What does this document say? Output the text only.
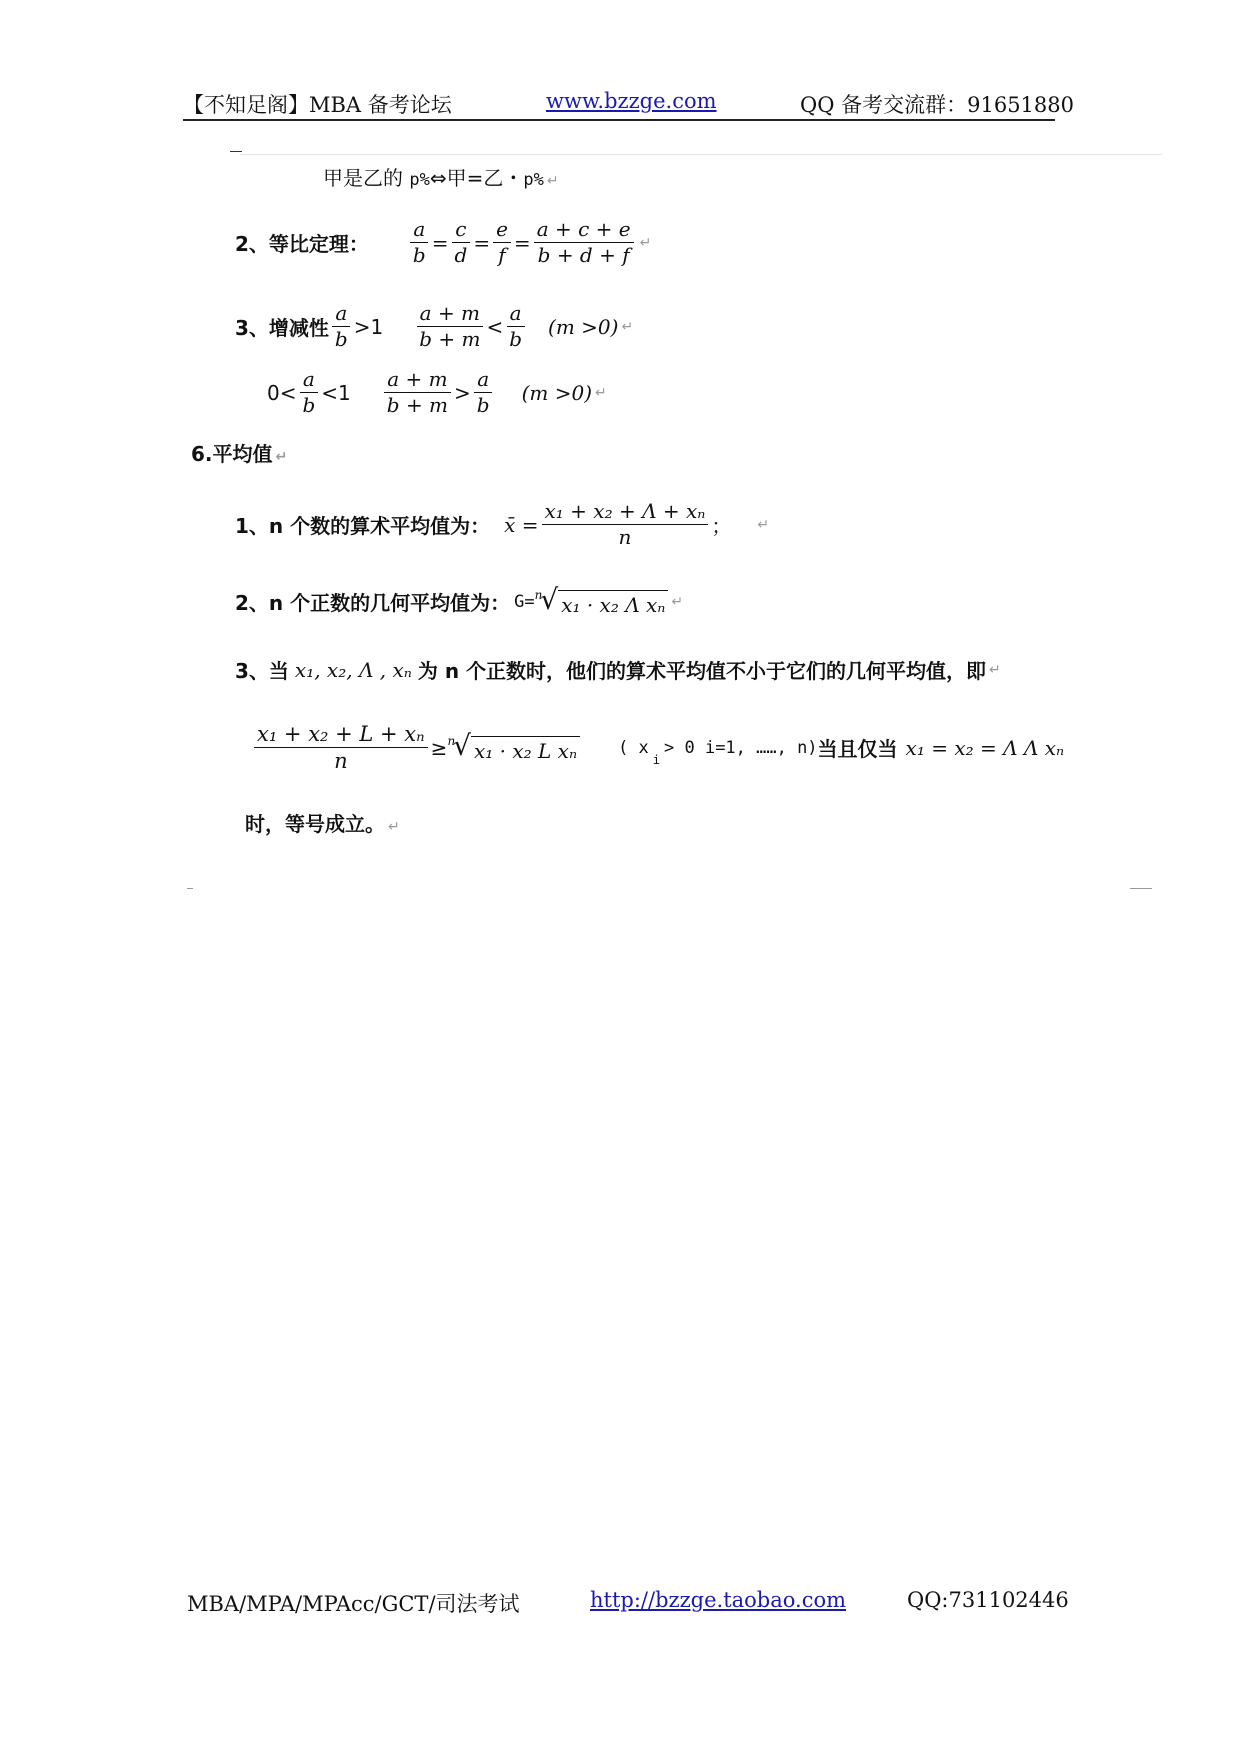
【不知足阁】MBA 备考论坛	www.bzzge.com	QQ 备考交流群：91651880
甲是乙的 p%⇔甲=乙・p% ↵
2、等比定理： $\frac{a}{b} = \frac{c}{d} = \frac{e}{f} = \frac{a + c + e}{b + d + f}$ ↵
3、增减性 $\frac{a}{b} >1 \frac{a + m}{b + m} < \frac{a}{b} (m >0)$ ↵
$0< \frac{a}{b} <1 \frac{a + m}{b + m} > \frac{a}{b} (m >0)$ ↵
6.平均值 ↵
1、n 个数的算术平均值为： x̄ = $\frac{\text{x₁ + x₂ + Λ + xₙ}}{n}$ ； ↵
2、n 个正数的几何平均值为： G= n
√ x₁ · x₂ Λ xₙ ↵
3、当 x₁, x₂, Λ , xₙ 为 n 个正数时，他们的算术平均值不小于它们的几何平均值，即 ↵
$\frac{\text{x₁ + x₂ + L + xₙ}}{n} \ge n$
√ x₁ · x₂ L xₙ ( x
i
> 0 i=1, ……, n) 当且仅当 x₁ = x₂ = Λ Λ xₙ
时，等号成立。 ↵
MBA/MPA/MPAcc/GCT/司法考试	http://bzzge.taobao.com	QQ:731102446
